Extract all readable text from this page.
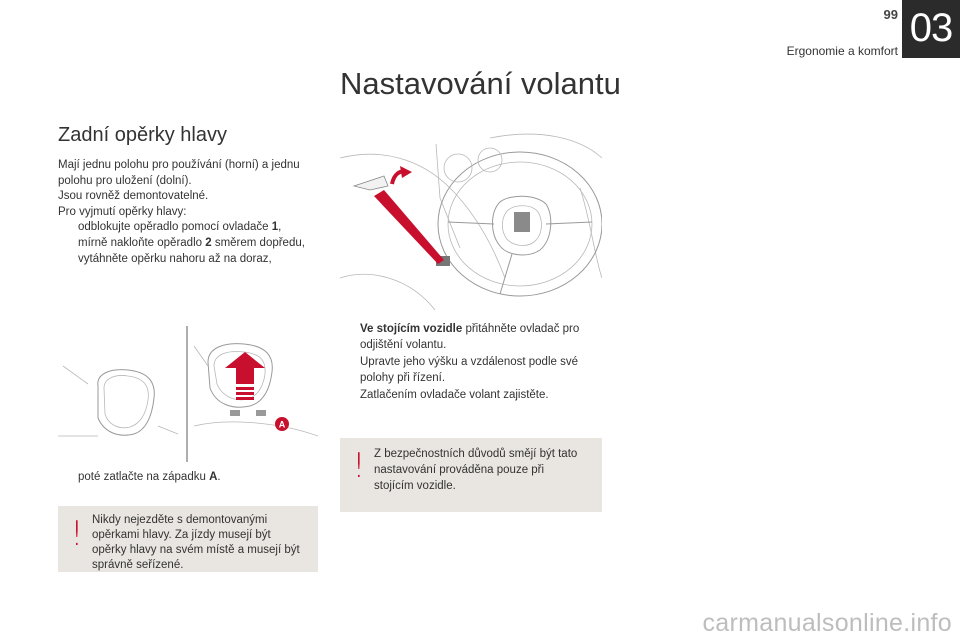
99
Ergonomie a komfort
03
Nastavování volantu
Zadní opěrky hlavy

Mají jednu polohu pro používání (horní) a jednu polohu pro uložení (dolní).

Jsou rovněž demontovatelné.

Pro vyjmutí opěrky hlavy:

odblokujte opěradlo pomocí ovladače 1,
mírně nakloňte opěradlo 2 směrem dopředu,
vytáhněte opěrku nahoru až na doraz,
A
poté zatlačte na západku A.
! Nikdy nejezděte s demontovanými opěrkami hlavy. Za jízdy musejí být opěrky hlavy na svém místě a musejí být správně seřízené.
Ve stojícím vozidle přitáhněte ovladač pro odjištění volantu.
Upravte jeho výšku a vzdálenost podle své polohy při řízení.
Zatlačením ovladače volant zajistěte.
! Z bezpečnostních důvodů smějí být tato nastavování prováděna pouze při stojícím vozidle.
carmanualsonline.info
